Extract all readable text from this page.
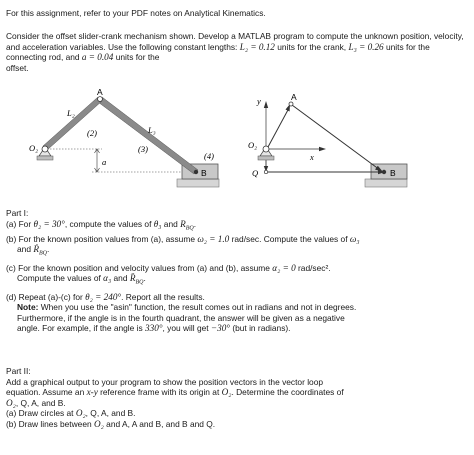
For this assignment, refer to your PDF notes on Analytical Kinematics.

Consider the offset slider-crank mechanism shown. Develop a MATLAB program to compute the unknown position, velocity, and acceleration variables. Use the following constant lengths: L₂ = 0.12 units for the crank, L₃ = 0.26 units for the connecting rod, and a = 0.04 units for the
offset.

A
L₂
(2)	L₃
(3)
O₂
a
(4)
B
y	A
O₂
x
Q	B

Part I:

(a) For θ₂ = 30°, compute the values of θ₃ and $R_{BQ}$.

(b) For the known position values from (a), assume ω₂ = 1.0 rad/sec. Compute the values of ω₃
and Ṙ$_{BQ}$.

(c) For the known position and velocity values from (a) and (b), assume α₂ = 0 rad/sec².
Compute the values of α₃ and $R̈_{BQ}$.

(d) Repeat (a)-(c) for θ₂ = 240°. Report all the results.

Note: When you use the "asin" function, the result comes out in radians and not in degrees.

Furthermore, if the angle is in the fourth quadrant, the answer will be given as a negative

angle. For example, if the angle is 330°, you will get −30° (but in radians).

Part II:

Add a graphical output to your program to show the position vectors in the vector loop

equation. Assume an x-y reference frame with its origin at O₂. Determine the coordinates of

O₂, Q, A, and B.

(a) Draw circles at O₂, Q, A, and B.

(b) Draw lines between O₂ and A, A and B, and B and Q.
